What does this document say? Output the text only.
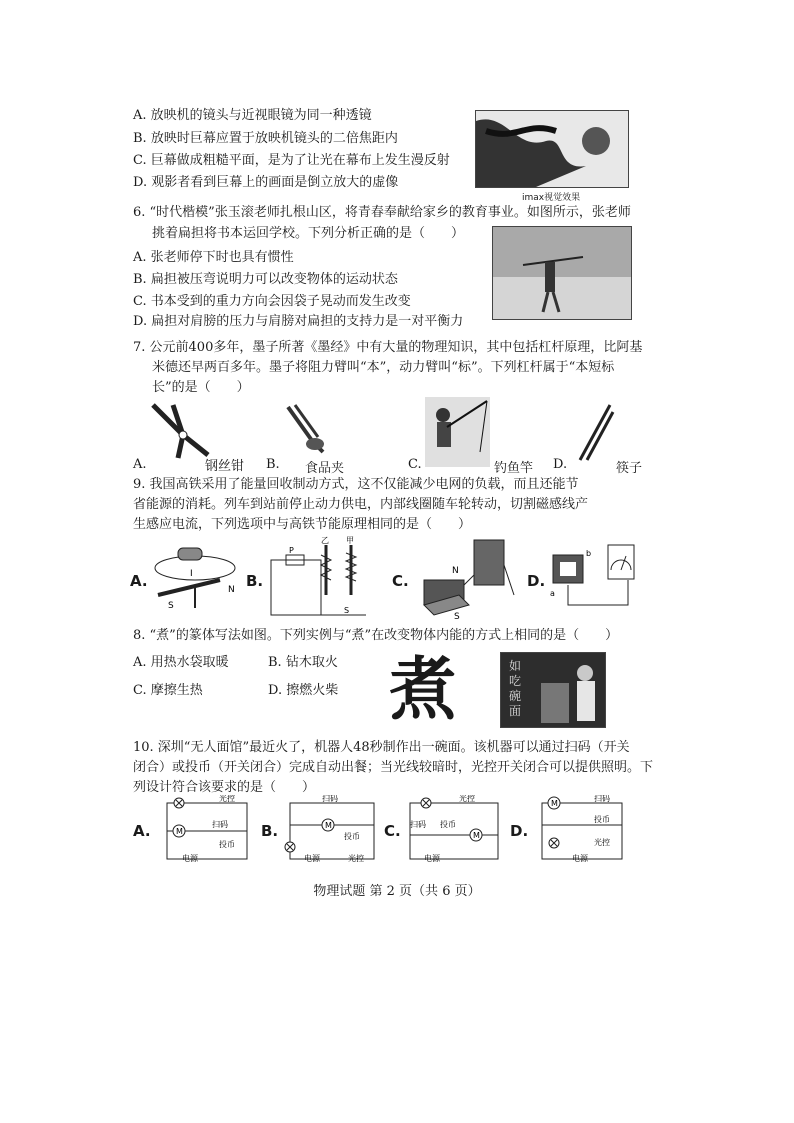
A. 放映机的镜头与近视眼镜为同一种透镜
B. 放映时巨幕应置于放映机镜头的二倍焦距内
C. 巨幕做成粗糙平面，是为了让光在幕布上发生漫反射
D. 观影者看到巨幕上的画面是倒立放大的虚像
imax视觉效果
6. “时代楷模”张玉滚老师扎根山区，将青春奉献给家乡的教育事业。如图所示，张老师
挑着扁担将书本运回学校。下列分析正确的是（　　）
A. 张老师停下时也具有惯性
B. 扁担被压弯说明力可以改变物体的运动状态
C. 书本受到的重力方向会因袋子晃动而发生改变
D. 扁担对肩膀的压力与肩膀对扁担的支持力是一对平衡力
7. 公元前400多年，墨子所著《墨经》中有大量的物理知识，其中包括杠杆原理，比阿基
米德还早两百多年。墨子将阻力臂叫“本”，动力臂叫“标”。下列杠杆属于“本短标
长”的是（　　）
A.	钢丝钳 B. 食品夹	C.	钓鱼竿 D.	筷子
9. 我国高铁采用了能量回收制动方式，这不仅能减少电网的负载，而且还能节
省能源的消耗。列车到站前停止动力供电，内部线圈随车轮转动，切割磁感线产
生感应电流，下列选项中与高铁节能原理相同的是（　　）
A.	I
N
S
B.
P
乙 甲
S
C.
N
S
D.
a
b
8. “煮”的篆体写法如图。下列实例与“煮”在改变物体内能的方式上相同的是（　　）
A. 用热水袋取暖	B. 钻木取火
C. 摩擦生热	D. 擦燃火柴 煮	如
吃
碗
面
10. 深圳“无人面馆”最近火了，机器人48秒制作出一碗面。该机器可以通过扫码（开关
闭合）或投币（开关闭合）完成自动出餐；当光线较暗时，光控开关闭合可以提供照明。下
列设计符合该要求的是（　　）
A.	B.	C.	D.
M
光控
扫码
投币
电源
M
扫码
投币
电源	光控
M
光控
扫码 投币
电源
M
扫码
投币
光控
电源
物理试题 第 2 页（共 6 页）
